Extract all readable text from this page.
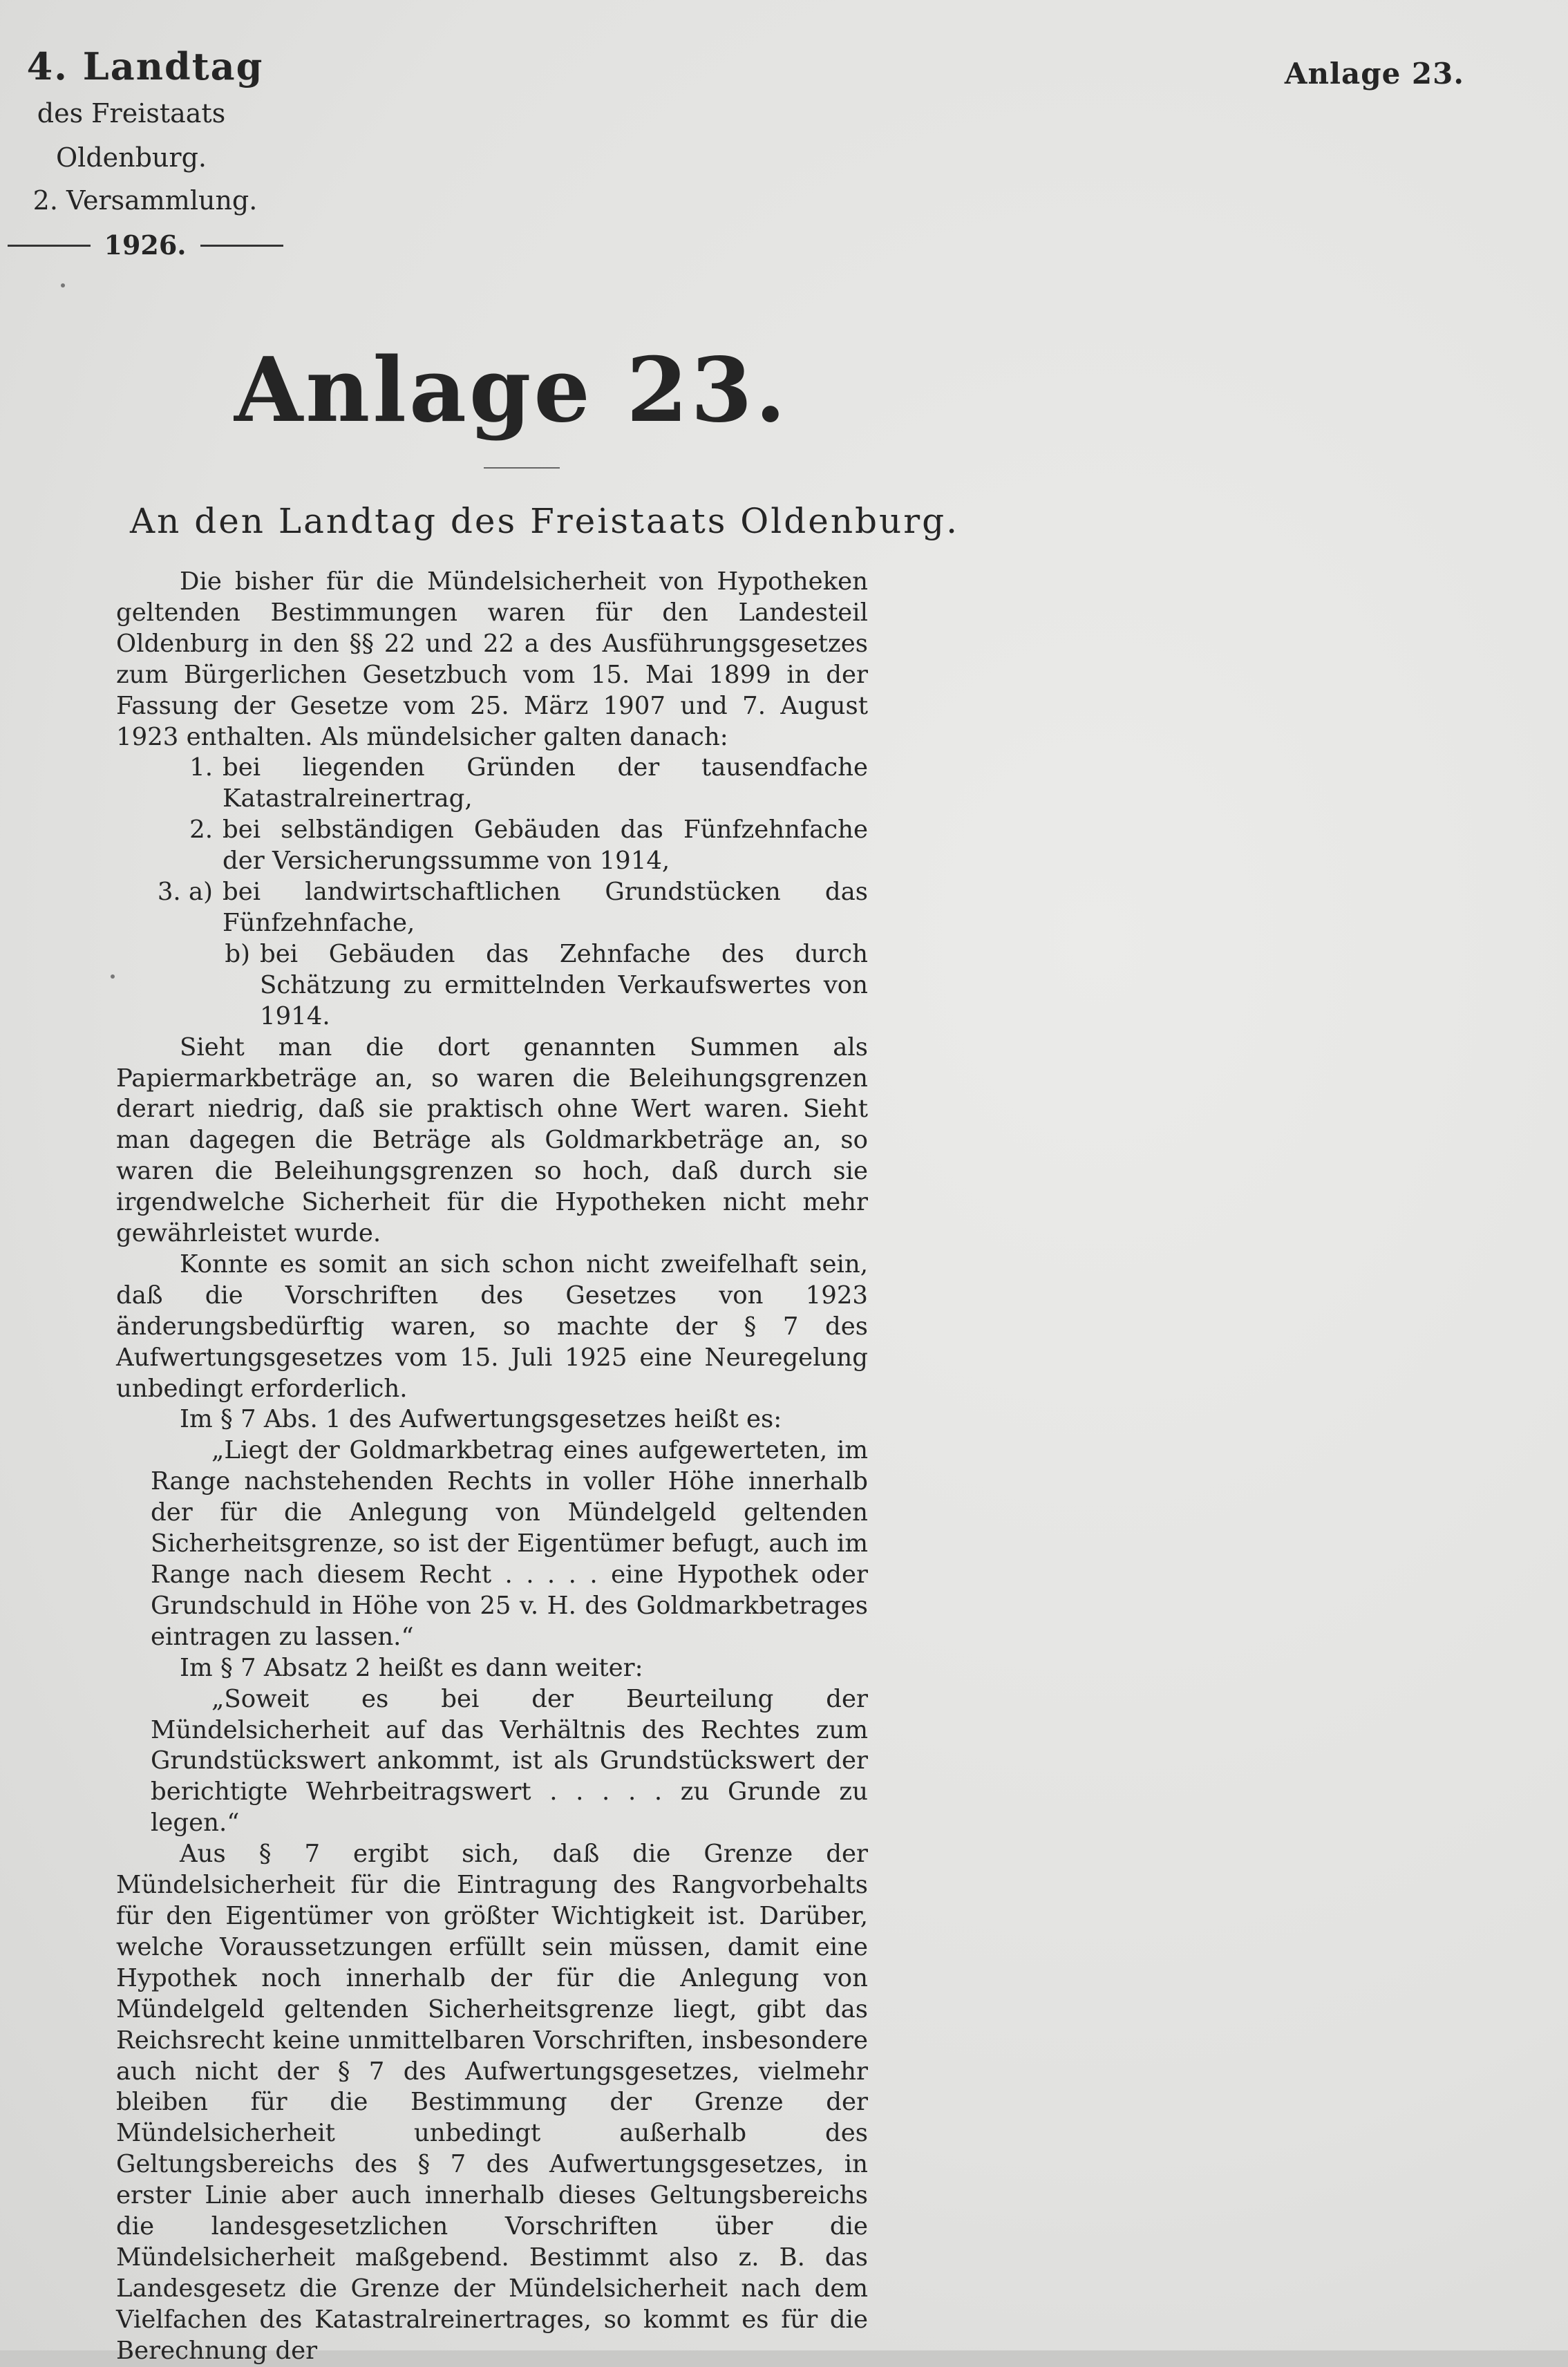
4. Landtag
des Freistaats Oldenburg.
2. Versammlung.
1926.
Anlage 23.
Anlage 23.
An den Landtag des Freistaats Oldenburg.

Die bisher für die Mündelsicherheit von Hypotheken geltenden Bestimmungen waren für den Landesteil Oldenburg in den §§ 22 und 22 a des Ausführungsgesetzes zum Bürgerlichen Gesetzbuch vom 15. Mai 1899 in der Fassung der Gesetze vom 25. März 1907 und 7. August 1923 enthalten. Als mündelsicher galten danach:

1. bei liegenden Gründen der tausendfache Katastralreinertrag,
2. bei selbständigen Gebäuden das Fünfzehnfache der Versicherungssumme von 1914,
3. a) bei landwirtschaftlichen Grundstücken das Fünfzehnfache,
b) bei Gebäuden das Zehnfache des durch Schätzung zu ermittelnden Verkaufswertes von 1914.

Sieht man die dort genannten Summen als Papiermarkbeträge an, so waren die Beleihungsgrenzen derart niedrig, daß sie praktisch ohne Wert waren. Sieht man dagegen die Beträge als Goldmarkbeträge an, so waren die Beleihungsgrenzen so hoch, daß durch sie irgendwelche Sicherheit für die Hypotheken nicht mehr gewährleistet wurde.

Konnte es somit an sich schon nicht zweifelhaft sein, daß die Vorschriften des Gesetzes von 1923 änderungsbedürftig waren, so machte der § 7 des Aufwertungsgesetzes vom 15. Juli 1925 eine Neuregelung unbedingt erforderlich.

Im § 7 Abs. 1 des Aufwertungsgesetzes heißt es:

„Liegt der Goldmarkbetrag eines aufgewerteten, im Range nachstehenden Rechts in voller Höhe innerhalb der für die Anlegung von Mündelgeld geltenden Sicherheitsgrenze, so ist der Eigentümer befugt, auch im Range nach diesem Recht . . . . . eine Hypothek oder Grundschuld in Höhe von 25 v. H. des Goldmarkbetrages eintragen zu lassen.“

Im § 7 Absatz 2 heißt es dann weiter:

„Soweit es bei der Beurteilung der Mündelsicherheit auf das Verhältnis des Rechtes zum Grundstückswert ankommt, ist als Grundstückswert der berichtigte Wehrbeitragswert . . . . . zu Grunde zu legen.“

Aus § 7 ergibt sich, daß die Grenze der Mündelsicherheit für die Eintragung des Rangvorbehalts für den Eigentümer von größter Wichtigkeit ist. Darüber, welche Voraussetzungen erfüllt sein müssen, damit eine Hypothek noch innerhalb der für die Anlegung von Mündelgeld geltenden Sicherheitsgrenze liegt, gibt das Reichsrecht keine unmittelbaren Vorschriften, insbesondere auch nicht der § 7 des Aufwertungsgesetzes, vielmehr bleiben für die Bestimmung der Grenze der Mündelsicherheit unbedingt außerhalb des Geltungsbereichs des § 7 des Aufwertungsgesetzes, in erster Linie aber auch innerhalb dieses Geltungsbereichs die landesgesetzlichen Vorschriften über die Mündelsicherheit maßgebend. Bestimmt also z. B. das Landesgesetz die Grenze der Mündelsicherheit nach dem Vielfachen des Katastralreinertrages, so kommt es für die Berechnung der
